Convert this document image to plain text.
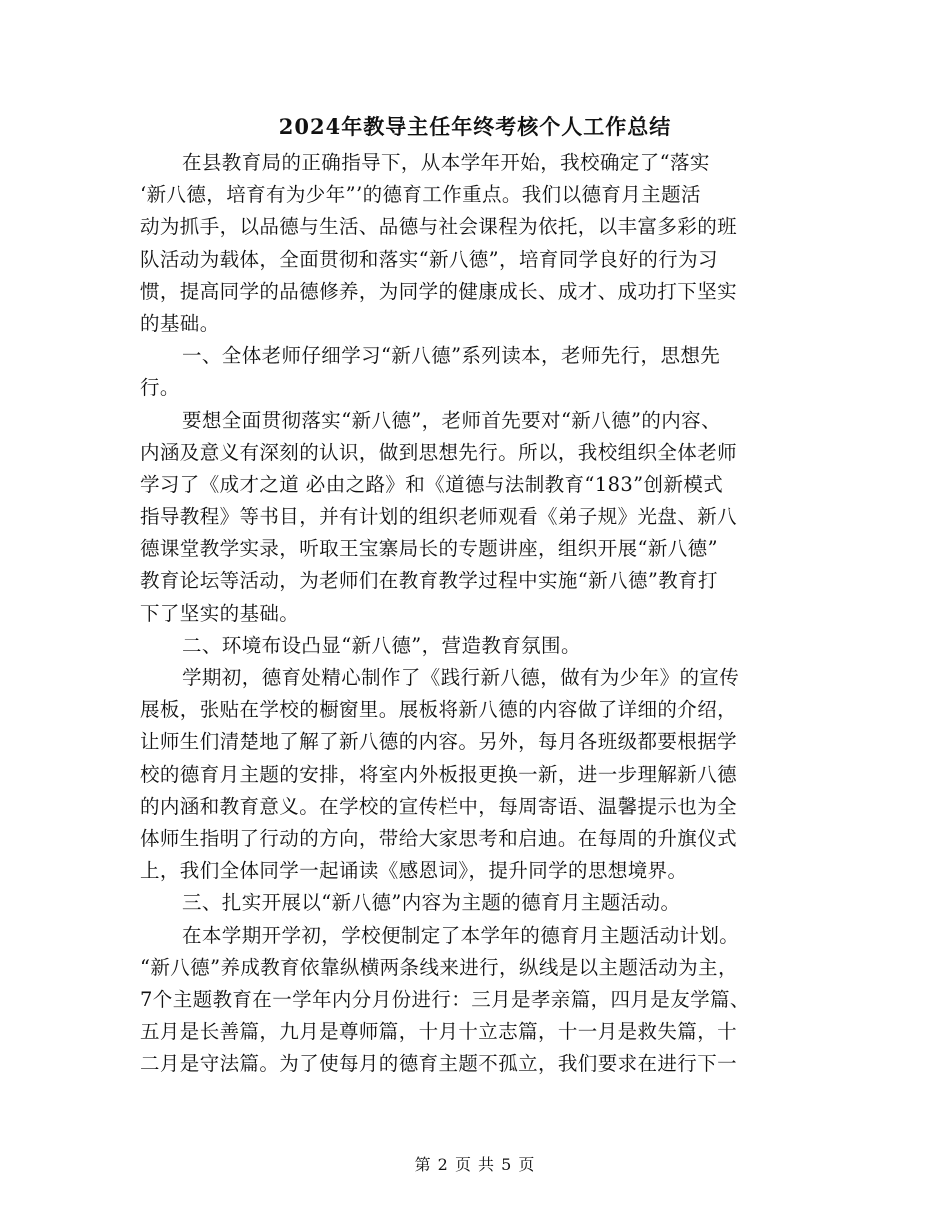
2024年教导主任年终考核个人工作总结
在县教育局的正确指导下，从本学年开始，我校确定了“落实
‘新八德，培育有为少年”’的德育工作重点。我们以德育月主题活
动为抓手，以品德与生活、品德与社会课程为依托，以丰富多彩的班
队活动为载体，全面贯彻和落实“新八德”，培育同学良好的行为习
惯，提高同学的品德修养，为同学的健康成长、成才、成功打下坚实
的基础。
一、全体老师仔细学习“新八德”系列读本，老师先行，思想先
行。
要想全面贯彻落实“新八德”，老师首先要对“新八德”的内容、
内涵及意义有深刻的认识，做到思想先行。所以，我校组织全体老师
学习了《成才之道 必由之路》和《道德与法制教育“183”创新模式
指导教程》等书目，并有计划的组织老师观看《弟子规》光盘、新八
德课堂教学实录，听取王宝寨局长的专题讲座，组织开展“新八德”
教育论坛等活动，为老师们在教育教学过程中实施“新八德”教育打
下了坚实的基础。
二、环境布设凸显“新八德”，营造教育氛围。
学期初，德育处精心制作了《践行新八德，做有为少年》的宣传
展板，张贴在学校的橱窗里。展板将新八德的内容做了详细的介绍，
让师生们清楚地了解了新八德的内容。另外，每月各班级都要根据学
校的德育月主题的安排，将室内外板报更换一新，进一步理解新八德
的内涵和教育意义。在学校的宣传栏中，每周寄语、温馨提示也为全
体师生指明了行动的方向，带给大家思考和启迪。在每周的升旗仪式
上，我们全体同学一起诵读《感恩词》，提升同学的思想境界。
三、扎实开展以“新八德”内容为主题的德育月主题活动。
在本学期开学初，学校便制定了本学年的德育月主题活动计划。
“新八德”养成教育依靠纵横两条线来进行，纵线是以主题活动为主，
7个主题教育在一学年内分月份进行：三月是孝亲篇，四月是友学篇、
五月是长善篇，九月是尊师篇，十月十立志篇，十一月是救失篇，十
二月是守法篇。为了使每月的德育主题不孤立，我们要求在进行下一
第 2 页 共 5 页
